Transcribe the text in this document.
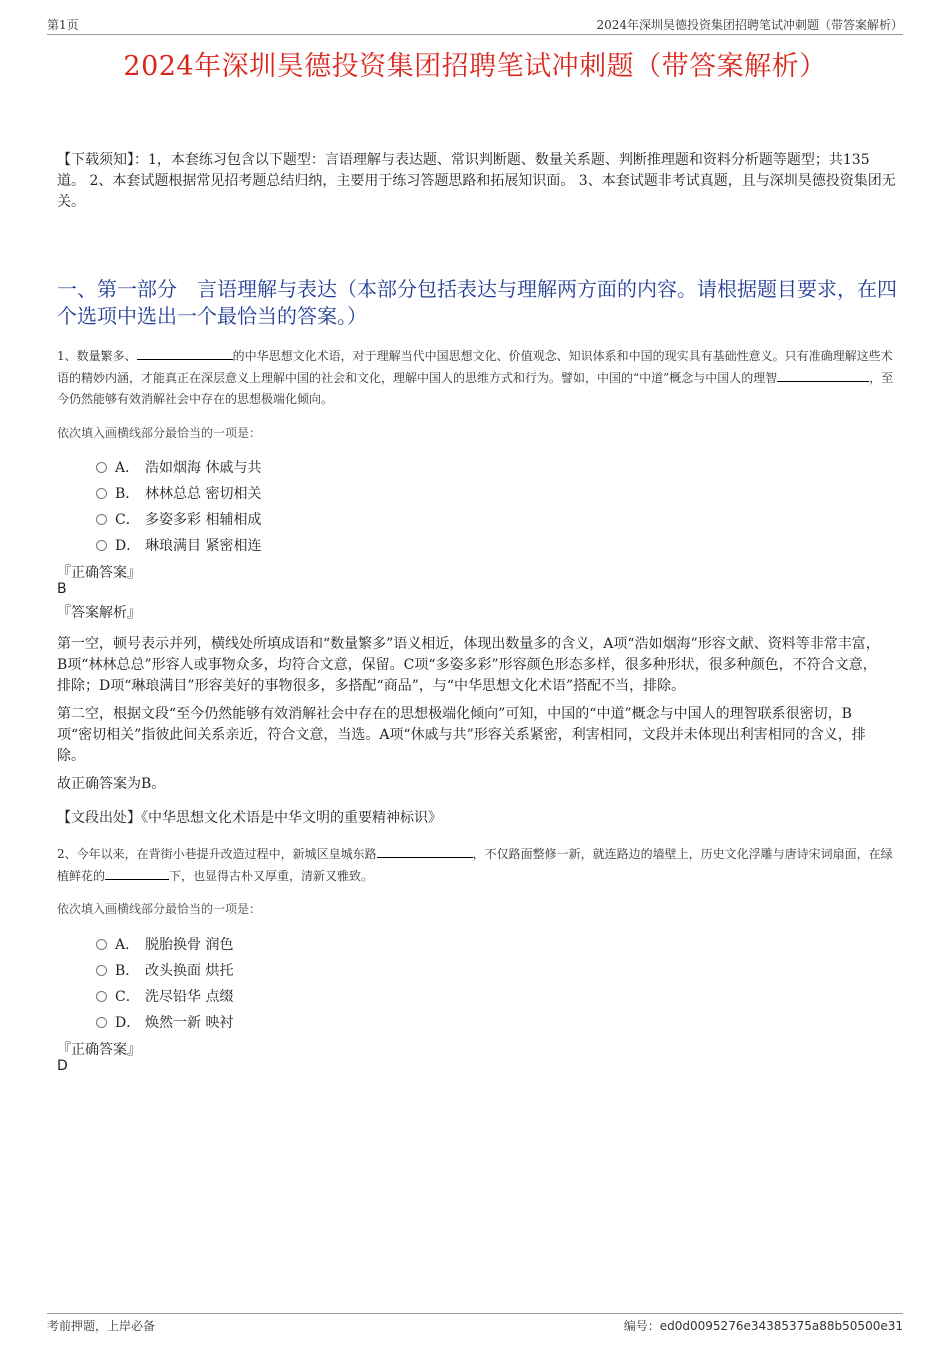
第1页	2024年深圳昊德投资集团招聘笔试冲刺题（带答案解析）
2024年深圳昊德投资集团招聘笔试冲刺题（带答案解析）
【下载须知】：1，本套练习包含以下题型：言语理解与表达题、常识判断题、数量关系题、判断推理题和资料分析题等题型；共135道。 2、本套试题根据常见招考题总结归纳，主要用于练习答题思路和拓展知识面。 3、本套试题非考试真题，且与深圳昊德投资集团无关。
一、第一部分　言语理解与表达（本部分包括表达与理解两方面的内容。请根据题目要求，在四个选项中选出一个最恰当的答案。）
1、数量繁多、	的中华思想文化术语，对于理解当代中国思想文化、价值观念、知识体系和中国的现实具有基础性意义。只有准确理解这些术语的精妙内涵，才能真正在深层意义上理解中国的社会和文化，理解中国人的思维方式和行为。譬如，中国的“中道”概念与中国人的理智	，至今仍然能够有效消解社会中存在的思想极端化倾向。
依次填入画横线部分最恰当的一项是：
A． 浩如烟海 休戚与共
B． 林林总总 密切相关
C． 多姿多彩 相辅相成
D． 琳琅满目 紧密相连
『正确答案』
B
『答案解析』
第一空，顿号表示并列，横线处所填成语和“数量繁多”语义相近，体现出数量多的含义，A项“浩如烟海”形容文献、资料等非常丰富，B项“林林总总”形容人或事物众多，均符合文意，保留。C项“多姿多彩”形容颜色形态多样，很多种形状，很多种颜色，不符合文意，排除；D项“琳琅满目”形容美好的事物很多，多搭配“商品”，与“中华思想文化术语”搭配不当，排除。
第二空，根据文段“至今仍然能够有效消解社会中存在的思想极端化倾向”可知，中国的“中道”概念与中国人的理智联系很密切，B项“密切相关”指彼此间关系亲近，符合文意，当选。A项“休戚与共”形容关系紧密，利害相同，文段并未体现出利害相同的含义，排除。
故正确答案为B。
【文段出处】《中华思想文化术语是中华文明的重要精神标识》
2、今年以来，在背街小巷提升改造过程中，新城区皇城东路	，不仅路面整修一新，就连路边的墙壁上，历史文化浮雕与唐诗宋词扇面，在绿植鲜花的	下，也显得古朴又厚重，清新又雅致。
依次填入画横线部分最恰当的一项是：
A． 脱胎换骨 润色
B． 改头换面 烘托
C． 洗尽铅华 点缀
D． 焕然一新 映衬
『正确答案』
D
考前押题，上岸必备	编号：ed0d0095276e34385375a88b50500e31
